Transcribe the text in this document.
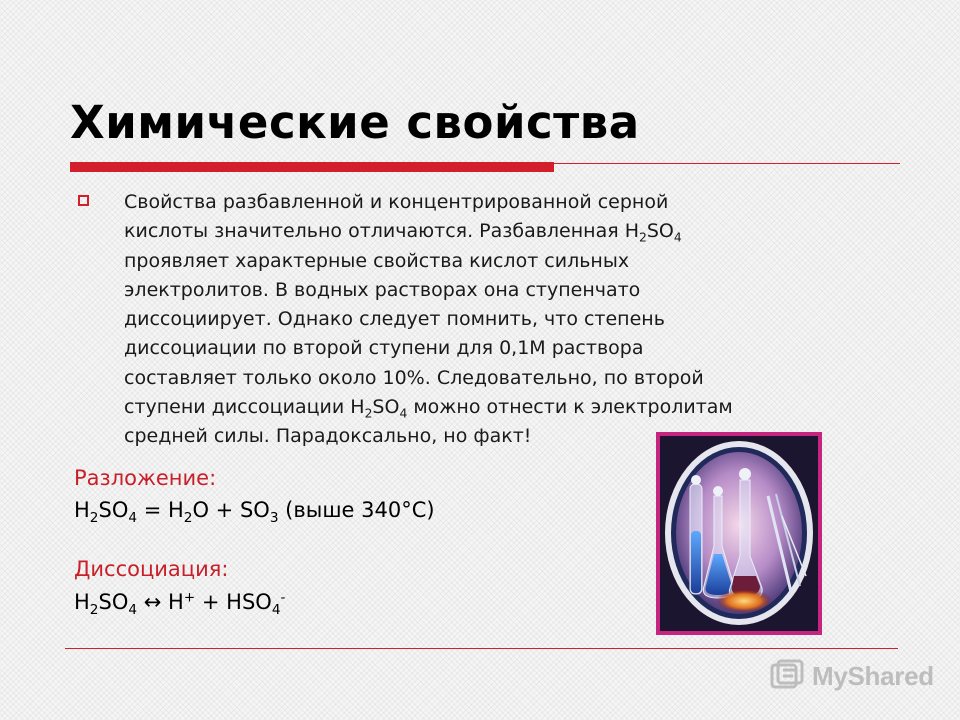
Химические свойства
Свойства разбавленной и концентрированной серной
кислоты значительно отличаются. Разбавленная $H_2SO_4$
проявляет характерные свойства кислот сильных
электролитов. В водных растворах она ступенчато
диссоциирует. Однако следует помнить, что степень
диссоциации по второй ступени для 0,1М раствора
составляет только около 10%. Следовательно, по второй
ступени диссоциации $H_2SO_4$ можно отнести к электролитам
средней силы. Парадоксально, но факт!
Разложение:
$H_2SO_4 = H_2O + SO_3$ (выше 340°С)
Диссоциация:
$H_2SO_4$ ↔ $H^+ + HSO_4^-$
MyShared
